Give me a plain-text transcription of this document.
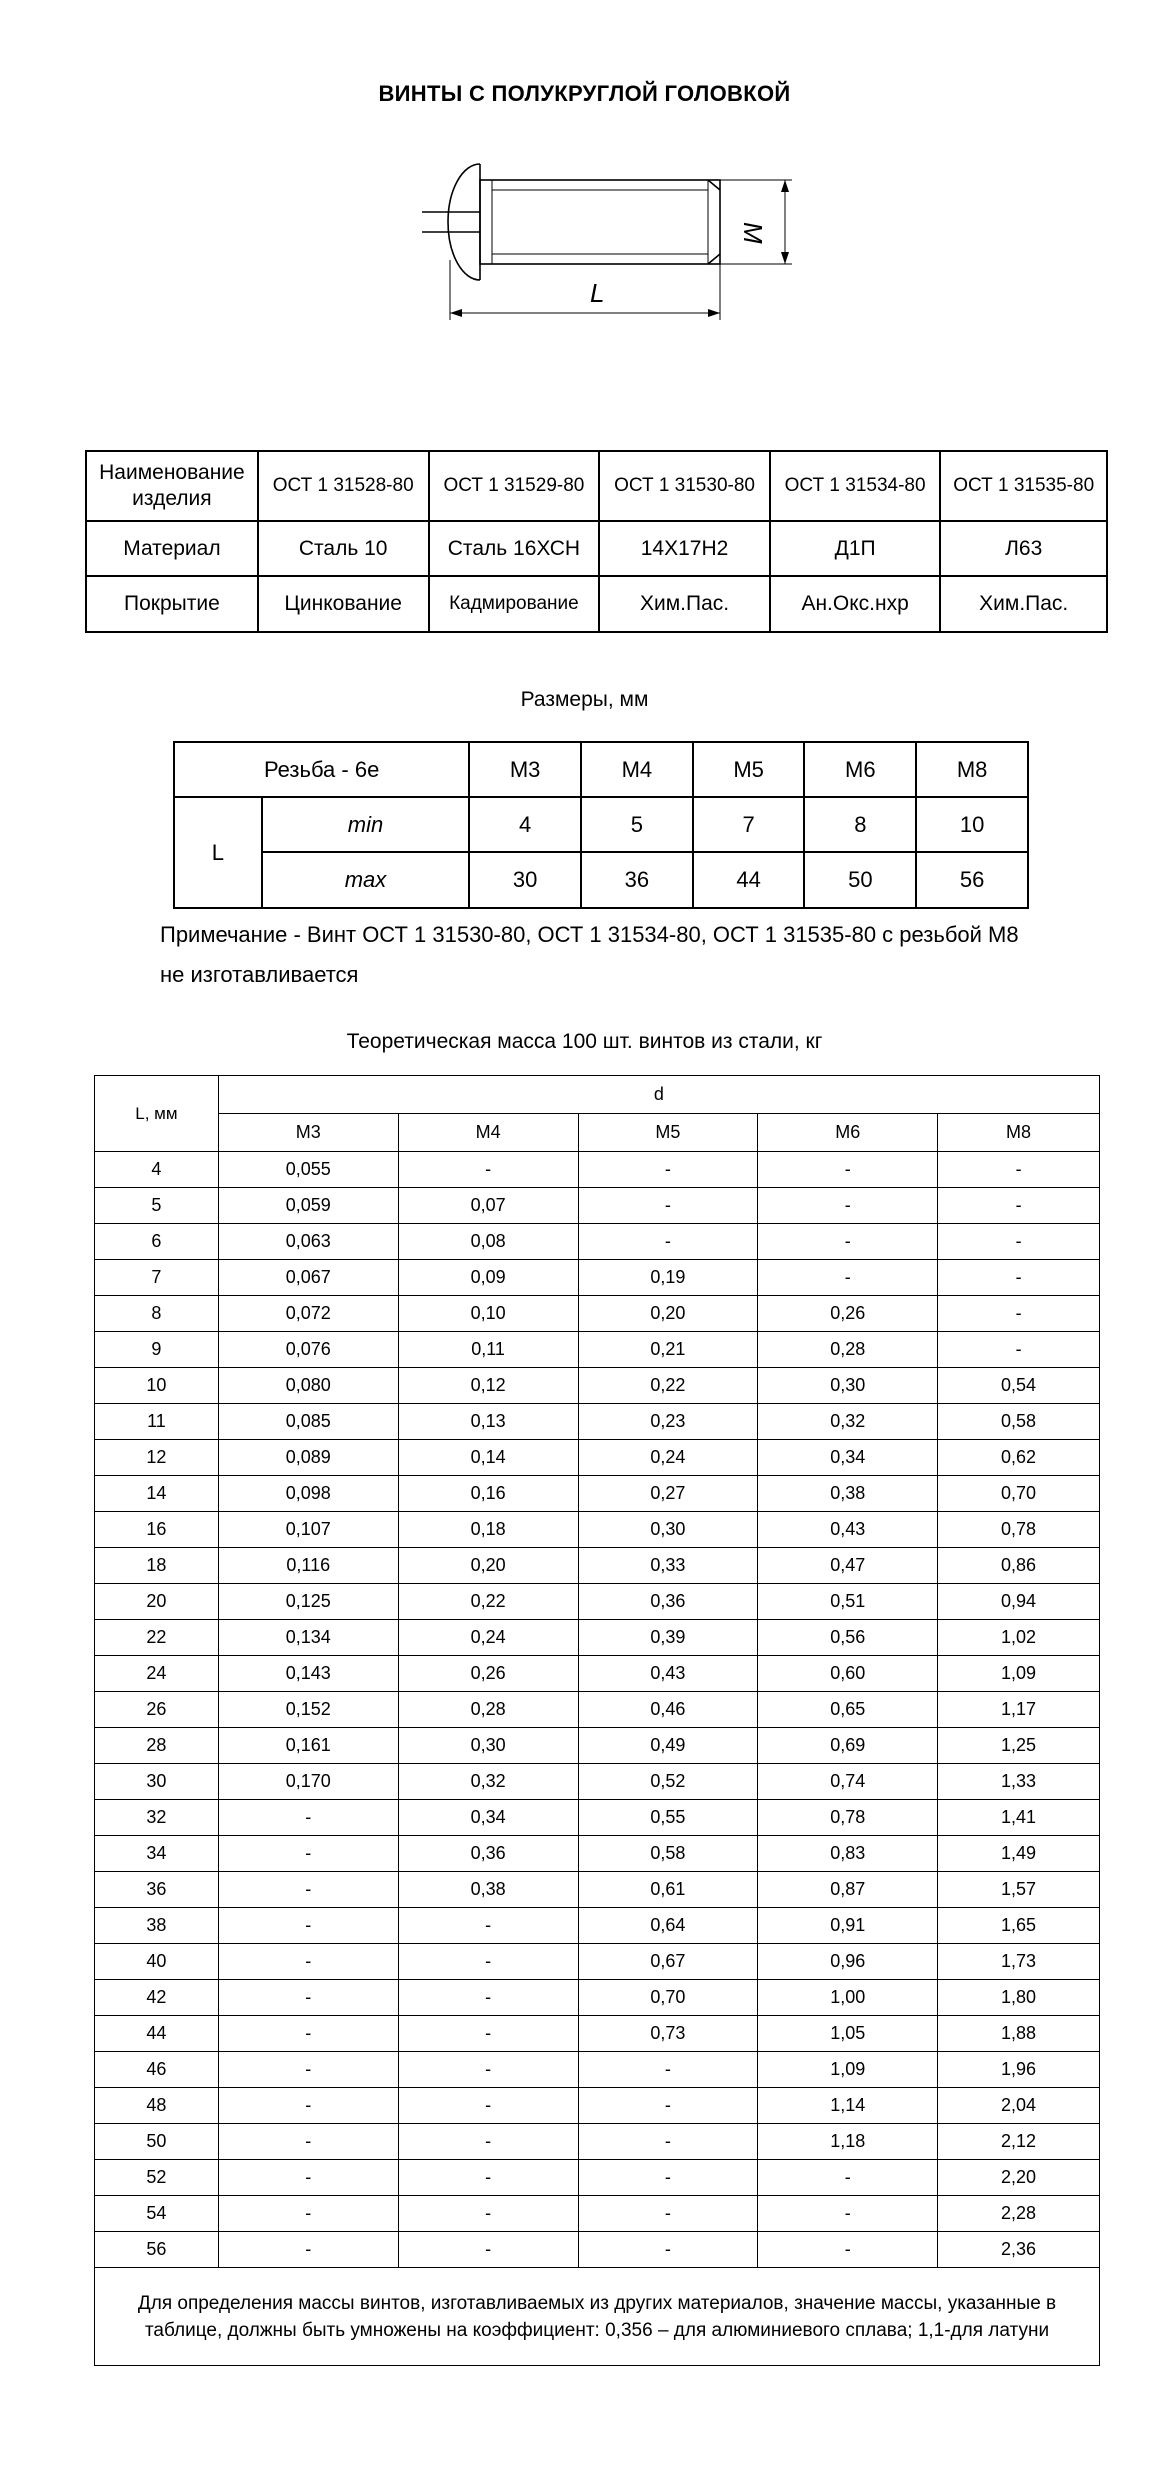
ВИНТЫ С ПОЛУКРУГЛОЙ ГОЛОВКОЙ
M
L
Наименование изделия	ОСТ 1 31528-80	ОСТ 1 31529-80	ОСТ 1 31530-80	ОСТ 1 31534-80	ОСТ 1 31535-80
Материал	Сталь 10	Сталь 16ХСН	14Х17Н2	Д1П	Л63
Покрытие	Цинкование	Кадмирование	Хим.Пас.	Ан.Окс.нхр	Хим.Пас.
Размеры, мм
Резьба - 6е		М3	М4	М5	М6	М8
L	min	4	5	7	8	10
	max	30	36	44	50	56
Примечание - Винт ОСТ 1 31530-80, ОСТ 1 31534-80, ОСТ 1 31535-80 с резьбой М8 не изготавливается
Теоретическая масса 100 шт. винтов из стали, кг
L, мм	d				
	М3	М4	М5	М6	М8
4	0,055	-	-	-	-
5	0,059	0,07	-	-	-
6	0,063	0,08	-	-	-
7	0,067	0,09	0,19	-	-
8	0,072	0,10	0,20	0,26	-
9	0,076	0,11	0,21	0,28	-
10	0,080	0,12	0,22	0,30	0,54
11	0,085	0,13	0,23	0,32	0,58
12	0,089	0,14	0,24	0,34	0,62
14	0,098	0,16	0,27	0,38	0,70
16	0,107	0,18	0,30	0,43	0,78
18	0,116	0,20	0,33	0,47	0,86
20	0,125	0,22	0,36	0,51	0,94
22	0,134	0,24	0,39	0,56	1,02
24	0,143	0,26	0,43	0,60	1,09
26	0,152	0,28	0,46	0,65	1,17
28	0,161	0,30	0,49	0,69	1,25
30	0,170	0,32	0,52	0,74	1,33
32	-	0,34	0,55	0,78	1,41
34	-	0,36	0,58	0,83	1,49
36	-	0,38	0,61	0,87	1,57
38	-	-	0,64	0,91	1,65
40	-	-	0,67	0,96	1,73
42	-	-	0,70	1,00	1,80
44	-	-	0,73	1,05	1,88
46	-	-	-	1,09	1,96
48	-	-	-	1,14	2,04
50	-	-	-	1,18	2,12
52	-	-	-	-	2,20
54	-	-	-	-	2,28
56	-	-	-	-	2,36
Для определения массы винтов, изготавливаемых из других материалов, значение массы, указанные в таблице, должны быть умножены на коэффициент: 0,356 – для алюминиевого сплава; 1,1-для латуни					
